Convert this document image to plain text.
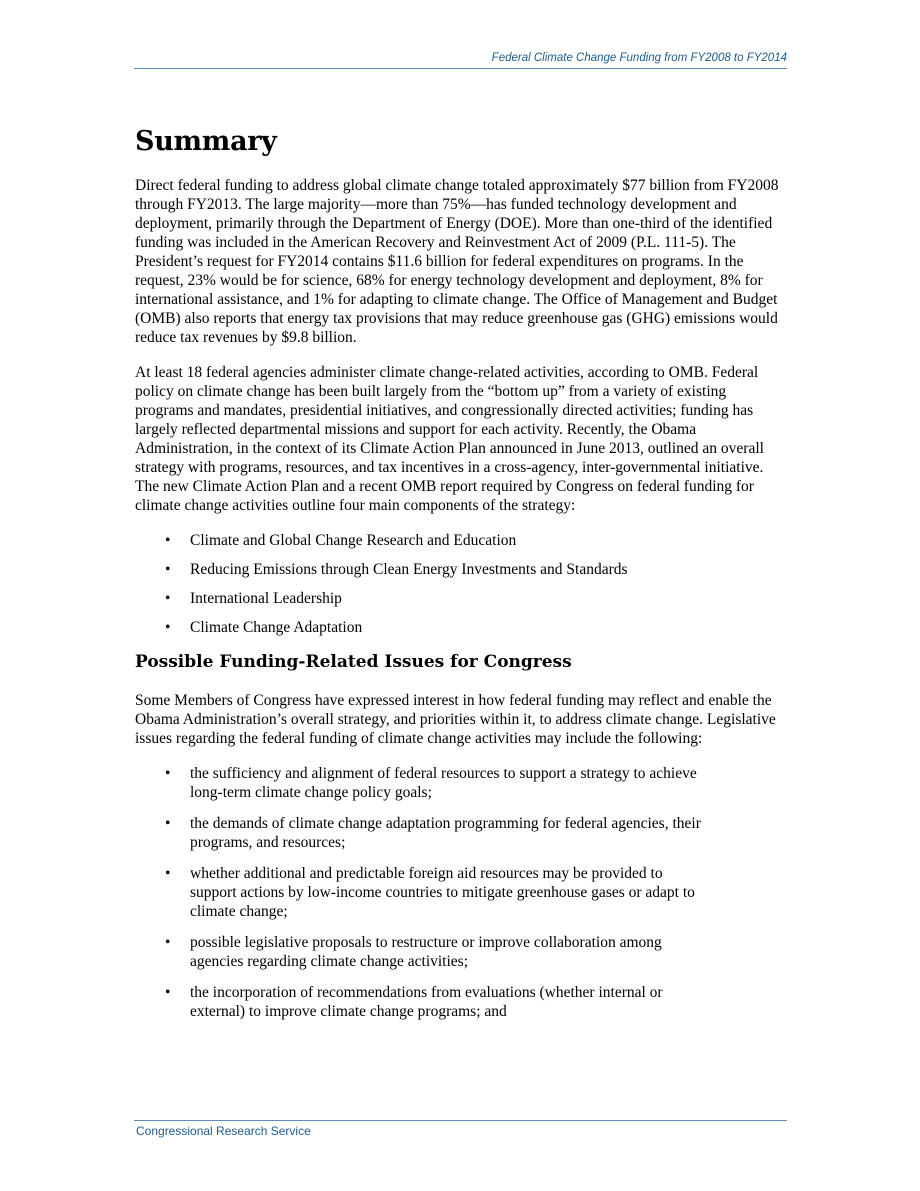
Federal Climate Change Funding from FY2008 to FY2014
Summary

Direct federal funding to address global climate change totaled approximately $77 billion from FY2008 through FY2013. The large majority—more than 75%—has funded technology development and deployment, primarily through the Department of Energy (DOE). More than one-third of the identified funding was included in the American Recovery and Reinvestment Act of 2009 (P.L. 111-5). The President’s request for FY2014 contains $11.6 billion for federal expenditures on programs. In the request, 23% would be for science, 68% for energy technology development and deployment, 8% for international assistance, and 1% for adapting to climate change. The Office of Management and Budget (OMB) also reports that energy tax provisions that may reduce greenhouse gas (GHG) emissions would reduce tax revenues by $9.8 billion.

At least 18 federal agencies administer climate change-related activities, according to OMB. Federal policy on climate change has been built largely from the “bottom up” from a variety of existing programs and mandates, presidential initiatives, and congressionally directed activities; funding has largely reflected departmental missions and support for each activity. Recently, the Obama Administration, in the context of its Climate Action Plan announced in June 2013, outlined an overall strategy with programs, resources, and tax incentives in a cross-agency, inter-governmental initiative. The new Climate Action Plan and a recent OMB report required by Congress on federal funding for climate change activities outline four main components of the strategy:

• Climate and Global Change Research and Education
• Reducing Emissions through Clean Energy Investments and Standards
• International Leadership
• Climate Change Adaptation
Possible Funding-Related Issues for Congress

Some Members of Congress have expressed interest in how federal funding may reflect and enable the Obama Administration’s overall strategy, and priorities within it, to address climate change. Legislative issues regarding the federal funding of climate change activities may include the following:

• the sufficiency and alignment of federal resources to support a strategy to achieve long-term climate change policy goals;
• the demands of climate change adaptation programming for federal agencies, their programs, and resources;
• whether additional and predictable foreign aid resources may be provided to support actions by low-income countries to mitigate greenhouse gases or adapt to climate change;
• possible legislative proposals to restructure or improve collaboration among agencies regarding climate change activities;
• the incorporation of recommendations from evaluations (whether internal or external) to improve climate change programs; and
Congressional Research Service
